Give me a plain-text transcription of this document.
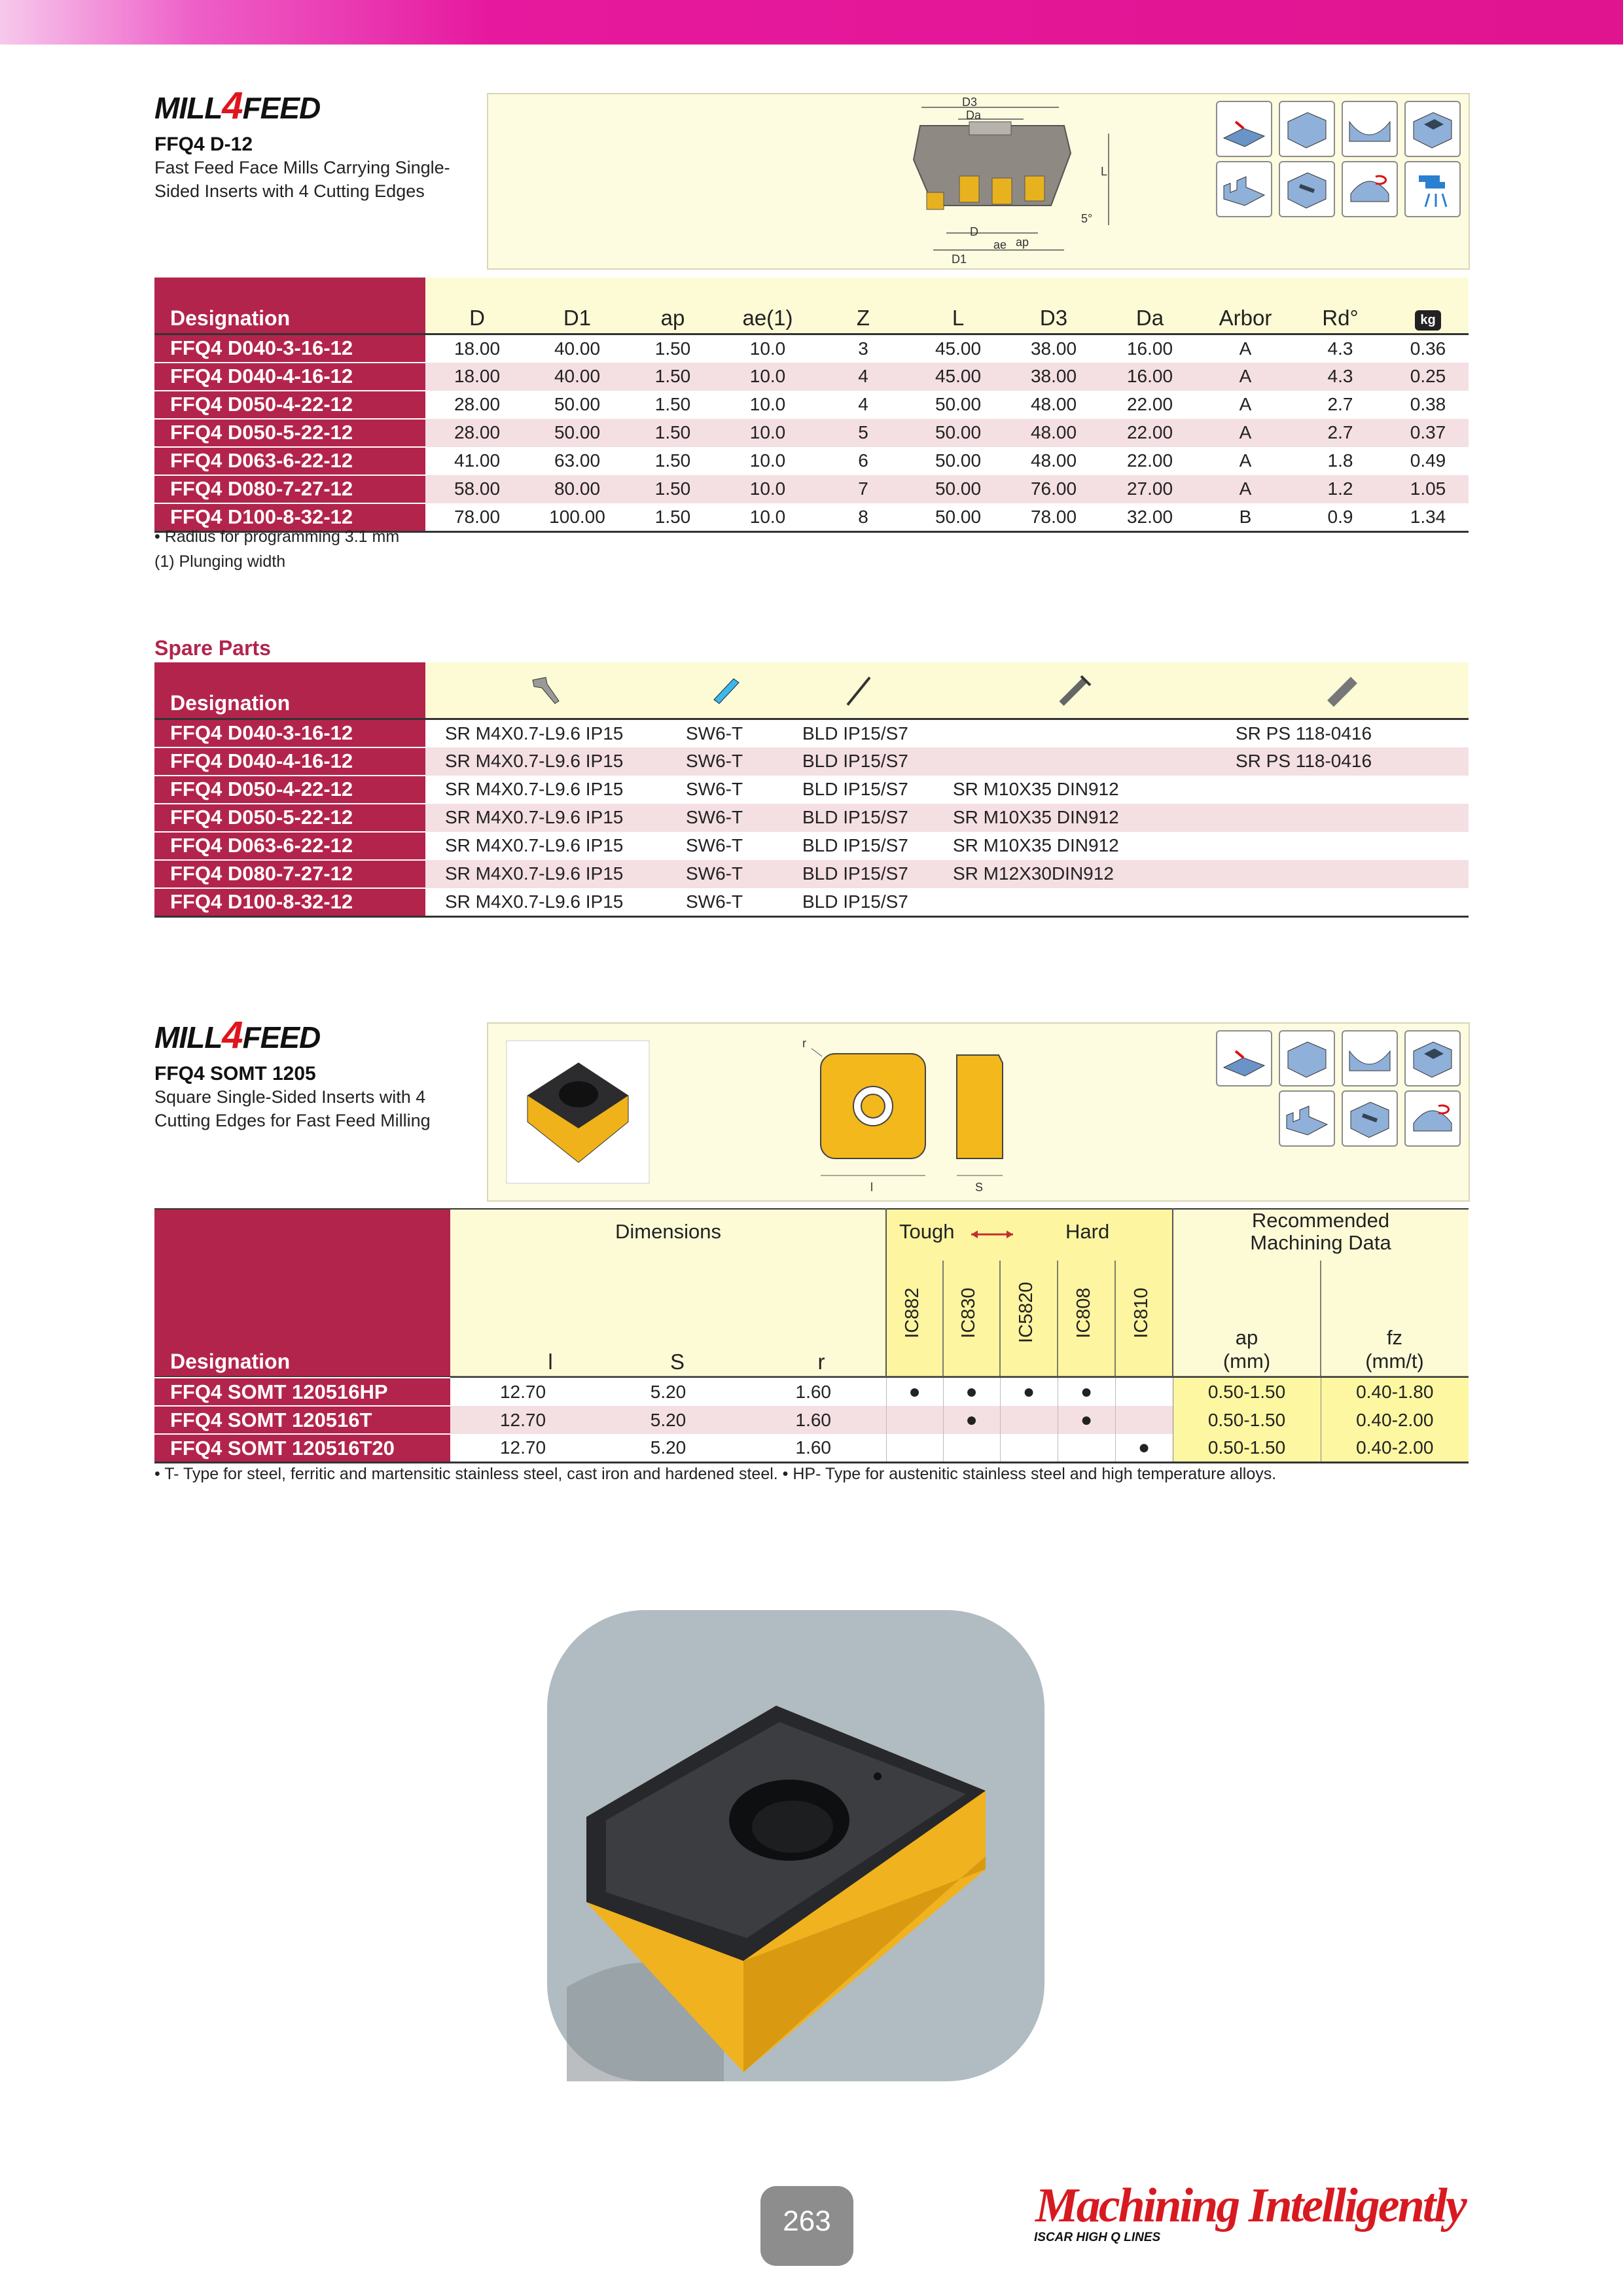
MILL4FEED
FFQ4 D-12
Fast Feed Face Mills Carrying Single-
Sided Inserts with 4 Cutting Edges
D3
Da
L
5°
D
ap
ae
D1
Designation	D	D1	ap	ae(1)	Z	L	D3	Da	Arbor	Rd°	kg
FFQ4 D040-3-16-12	18.00	40.00	1.50	10.0	3	45.00	38.00	16.00	A	4.3	0.36
FFQ4 D040-4-16-12	18.00	40.00	1.50	10.0	4	45.00	38.00	16.00	A	4.3	0.25
FFQ4 D050-4-22-12	28.00	50.00	1.50	10.0	4	50.00	48.00	22.00	A	2.7	0.38
FFQ4 D050-5-22-12	28.00	50.00	1.50	10.0	5	50.00	48.00	22.00	A	2.7	0.37
FFQ4 D063-6-22-12	41.00	63.00	1.50	10.0	6	50.00	48.00	22.00	A	1.8	0.49
FFQ4 D080-7-27-12	58.00	80.00	1.50	10.0	7	50.00	76.00	27.00	A	1.2	1.05
FFQ4 D100-8-32-12	78.00	100.00	1.50	10.0	8	50.00	78.00	32.00	B	0.9	1.34
• Radius for programming 3.1 mm
(1) Plunging width
Spare Parts
Designation					
FFQ4 D040-3-16-12	SR M4X0.7-L9.6 IP15	SW6-T	BLD IP15/S7		SR PS 118-0416
FFQ4 D040-4-16-12	SR M4X0.7-L9.6 IP15	SW6-T	BLD IP15/S7		SR PS 118-0416
FFQ4 D050-4-22-12	SR M4X0.7-L9.6 IP15	SW6-T	BLD IP15/S7	SR M10X35 DIN912	
FFQ4 D050-5-22-12	SR M4X0.7-L9.6 IP15	SW6-T	BLD IP15/S7	SR M10X35 DIN912	
FFQ4 D063-6-22-12	SR M4X0.7-L9.6 IP15	SW6-T	BLD IP15/S7	SR M10X35 DIN912	
FFQ4 D080-7-27-12	SR M4X0.7-L9.6 IP15	SW6-T	BLD IP15/S7	SR M12X30DIN912	
FFQ4 D100-8-32-12	SR M4X0.7-L9.6 IP15	SW6-T	BLD IP15/S7		
MILL4FEED
FFQ4 SOMT 1205
Square Single-Sided Inserts with 4
Cutting Edges for Fast Feed Milling
r
l	S
Dimensions	Tough	Hard	Recommended
Machining Data
Designation	l	S	r
IC882 IC830 IC5820 IC808 IC810	ap
(mm)
fz
(mm/t)
FFQ4 SOMT 120516HP	12.70	5.20	1.60	●	●	●	●		0.50-1.50	0.40-1.80
FFQ4 SOMT 120516T	12.70	5.20	1.60		●		●		0.50-1.50	0.40-2.00
FFQ4 SOMT 120516T20	12.70	5.20	1.60					●	0.50-1.50	0.40-2.00
• T- Type for steel, ferritic and martensitic stainless steel, cast iron and hardened steel. • HP- Type for austenitic stainless steel and high temperature alloys.
263	Machining Intelligently
ISCAR HIGH Q LINES
